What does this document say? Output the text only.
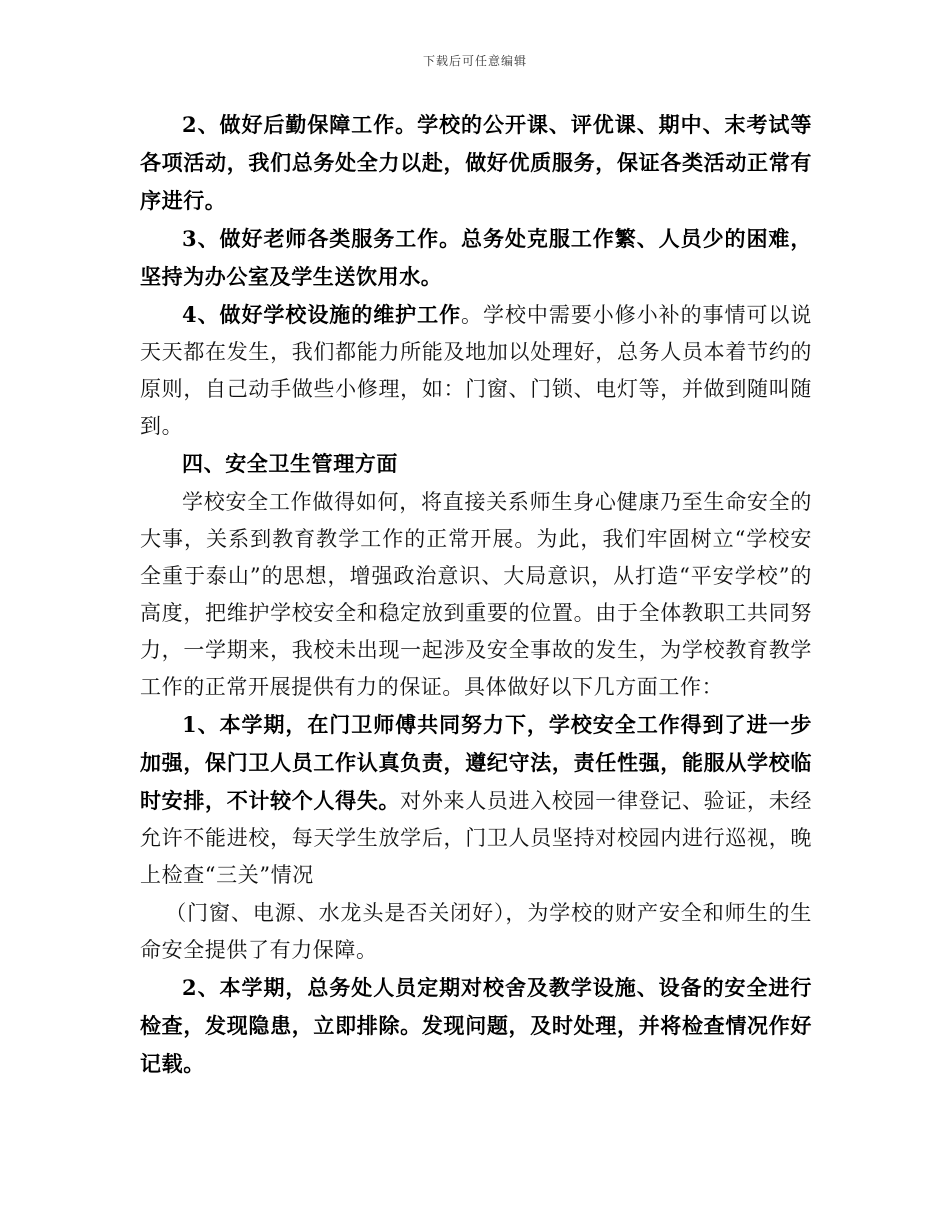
下载后可任意编辑

2、做好后勤保障工作。学校的公开课、评优课、期中、末考试等各项活动，我们总务处全力以赴，做好优质服务，保证各类活动正常有序进行。

3、做好老师各类服务工作。总务处克服工作繁、人员少的困难，坚持为办公室及学生送饮用水。

4、做好学校设施的维护工作。学校中需要小修小补的事情可以说天天都在发生，我们都能力所能及地加以处理好，总务人员本着节约的原则，自己动手做些小修理，如：门窗、门锁、电灯等，并做到随叫随到。

四、安全卫生管理方面

学校安全工作做得如何，将直接关系师生身心健康乃至生命安全的大事，关系到教育教学工作的正常开展。为此，我们牢固树立“学校安全重于泰山”的思想，增强政治意识、大局意识，从打造“平安学校”的高度，把维护学校安全和稳定放到重要的位置。由于全体教职工共同努力，一学期来，我校未出现一起涉及安全事故的发生，为学校教育教学工作的正常开展提供有力的保证。具体做好以下几方面工作：

1、本学期，在门卫师傅共同努力下，学校安全工作得到了进一步加强，保门卫人员工作认真负责，遵纪守法，责任性强，能服从学校临时安排，不计较个人得失。对外来人员进入校园一律登记、验证，未经允许不能进校，每天学生放学后，门卫人员坚持对校园内进行巡视，晚上检查“三关”情况

（门窗、电源、水龙头是否关闭好），为学校的财产安全和师生的生命安全提供了有力保障。

2、本学期，总务处人员定期对校舍及教学设施、设备的安全进行检查，发现隐患，立即排除。发现问题，及时处理，并将检查情况作好记载。
